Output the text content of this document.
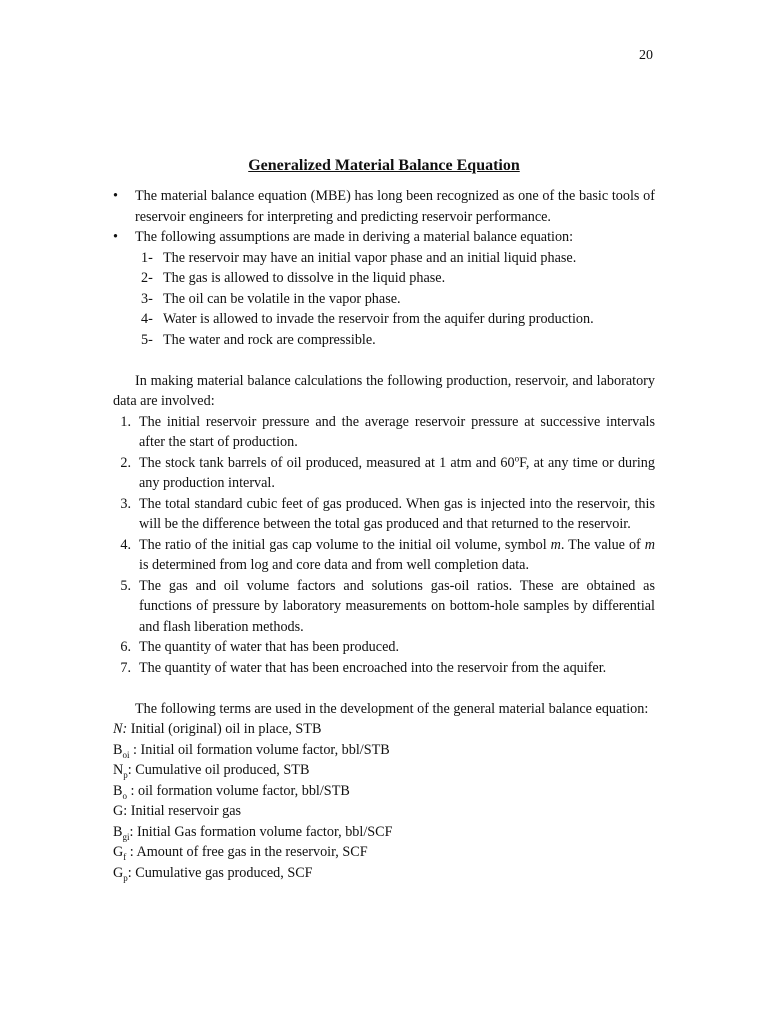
20
Generalized Material Balance Equation
• The material balance equation (MBE) has long been recognized as one of the basic tools of reservoir engineers for interpreting and predicting reservoir performance.
• The following assumptions are made in deriving a material balance equation:
1- The reservoir may have an initial vapor phase and an initial liquid phase.
2- The gas is allowed to dissolve in the liquid phase.
3- The oil can be volatile in the vapor phase.
4- Water is allowed to invade the reservoir from the aquifer during production.
5- The water and rock are compressible.

In making material balance calculations the following production, reservoir, and laboratory data are involved:

1. The initial reservoir pressure and the average reservoir pressure at successive intervals after the start of production.
2. The stock tank barrels of oil produced, measured at 1 atm and 60$^o$F, at any time or during any production interval.
3. The total standard cubic feet of gas produced. When gas is injected into the reservoir, this will be the difference between the total gas produced and that returned to the reservoir.
4. The ratio of the initial gas cap volume to the initial oil volume, symbol m. The value of m is determined from log and core data and from well completion data.
5. The gas and oil volume factors and solutions gas-oil ratios. These are obtained as functions of pressure by laboratory measurements on bottom-hole samples by differential and flash liberation methods.
6. The quantity of water that has been produced.
7. The quantity of water that has been encroached into the reservoir from the aquifer.

The following terms are used in the development of the general material balance equation:

N: Initial (original) oil in place, STB
$B_{oi}$ : Initial oil formation volume factor, bbl/STB
$N_p$: Cumulative oil produced, STB
$B_o$ : oil formation volume factor, bbl/STB
G: Initial reservoir gas
$B_{gi}$: Initial Gas formation volume factor, bbl/SCF
$G_f$ : Amount of free gas in the reservoir, SCF
$G_p$: Cumulative gas produced, SCF
